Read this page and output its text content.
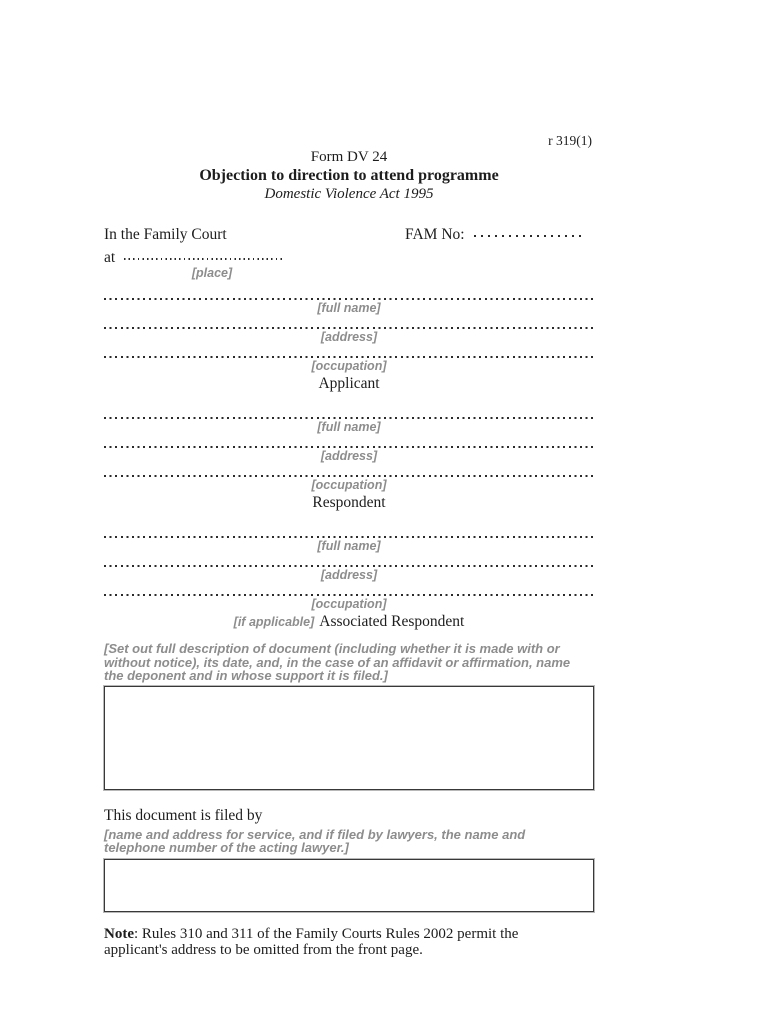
r 319(1)
Form DV 24
Objection to direction to attend programme
Domestic Violence Act 1995
In the Family Court	FAM No:
at
[place]
[full name]
[address]
[occupation]
Applicant
[full name]
[address]
[occupation]
Respondent
[full name]
[address]
[occupation]
[if applicable] Associated Respondent
[Set out full description of document (including whether it is made with or without notice), its date, and, in the case of an affidavit or affirmation, name the deponent and in whose support it is filed.]
This document is filed by
[name and address for service, and if filed by lawyers, the name and telephone number of the acting lawyer.]
Note: Rules 310 and 311 of the Family Courts Rules 2002 permit the applicant's address to be omitted from the front page.
